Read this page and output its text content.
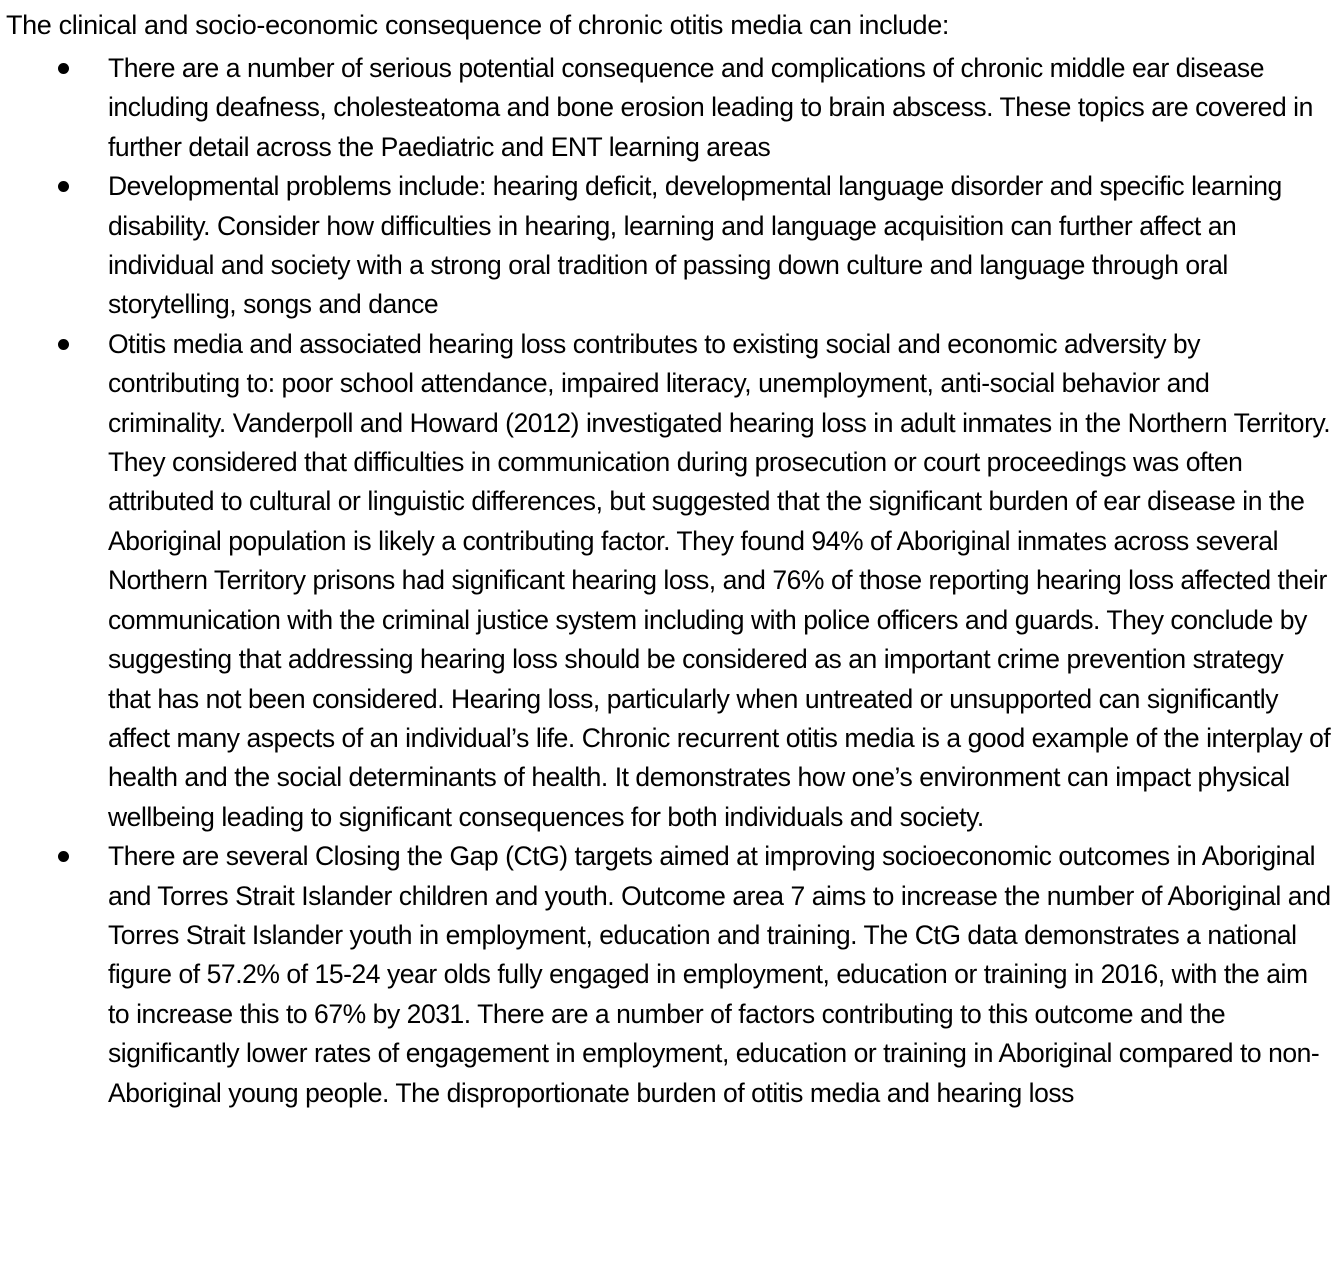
The clinical and socio-economic consequence of chronic otitis media can include:

There are a number of serious potential consequence and complications of chronic middle ear disease including deafness, cholesteatoma and bone erosion leading to brain abscess. These topics are covered in further detail across the Paediatric and ENT learning areas
Developmental problems include: hearing deficit, developmental language disorder and specific learning disability. Consider how difficulties in hearing, learning and language acquisition can further affect an individual and society with a strong oral tradition of passing down culture and language through oral storytelling, songs and dance
Otitis media and associated hearing loss contributes to existing social and economic adversity by contributing to: poor school attendance, impaired literacy, unemployment, anti-social behavior and criminality. Vanderpoll and Howard (2012) investigated hearing loss in adult inmates in the Northern Territory. They considered that difficulties in communication during prosecution or court proceedings was often attributed to cultural or linguistic differences, but suggested that the significant burden of ear disease in the Aboriginal population is likely a contributing factor. They found 94% of Aboriginal inmates across several Northern Territory prisons had significant hearing loss, and 76% of those reporting hearing loss affected their communication with the criminal justice system including with police officers and guards. They conclude by suggesting that addressing hearing loss should be considered as an important crime prevention strategy that has not been considered. Hearing loss, particularly when untreated or unsupported can significantly affect many aspects of an individual’s life. Chronic recurrent otitis media is a good example of the interplay of health and the social determinants of health. It demonstrates how one’s environment can impact physical wellbeing leading to significant consequences for both individuals and society.
There are several Closing the Gap (CtG) targets aimed at improving socioeconomic outcomes in Aboriginal and Torres Strait Islander children and youth. Outcome area 7 aims to increase the number of Aboriginal and Torres Strait Islander youth in employment, education and training. The CtG data demonstrates a national figure of 57.2% of 15-24 year olds fully engaged in employment, education or training in 2016, with the aim to increase this to 67% by 2031. There are a number of factors contributing to this outcome and the significantly lower rates of engagement in employment, education or training in Aboriginal compared to non-Aboriginal young people. The disproportionate burden of otitis media and hearing loss
